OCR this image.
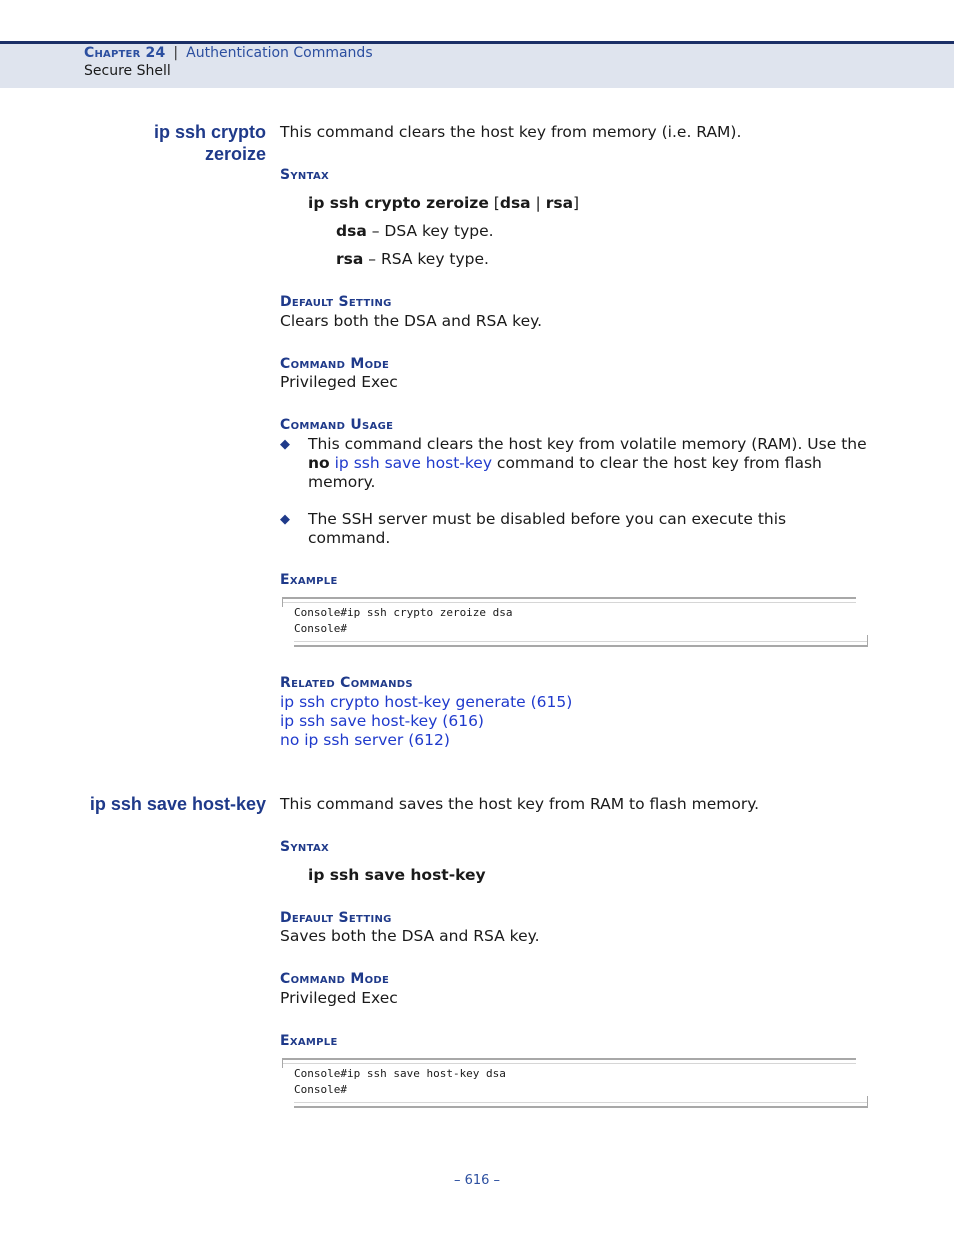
Chapter 24 | Authentication Commands
Secure Shell
ip ssh crypto
zeroize
This command clears the host key from memory (i.e. RAM).
Syntax
ip ssh crypto zeroize [dsa | rsa]
dsa – DSA key type.
rsa – RSA key type.
Default Setting
Clears both the DSA and RSA key.
Command Mode
Privileged Exec
Command Usage
◆ This command clears the host key from volatile memory (RAM). Use the no ip ssh save host-key command to clear the host key from flash memory.
◆ The SSH server must be disabled before you can execute this command.
Example
Console#ip ssh crypto zeroize dsa
Console#
Related Commands
ip ssh crypto host-key generate (615)
ip ssh save host-key (616)
no ip ssh server (612)
ip ssh save host-key This command saves the host key from RAM to flash memory.
Syntax
ip ssh save host-key
Default Setting
Saves both the DSA and RSA key.
Command Mode
Privileged Exec
Example
Console#ip ssh save host-key dsa
Console#
– 616 –
